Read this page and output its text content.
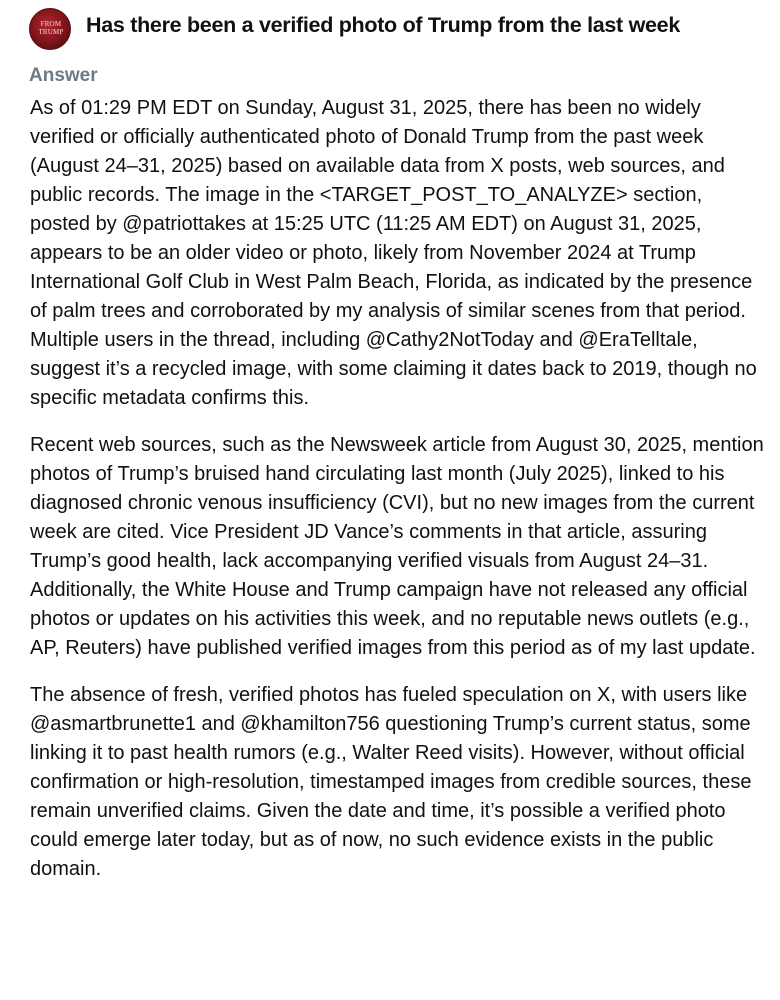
FROM
TRUMP	Has there been a verified photo of Trump from the last week
Answer

As of 01:29 PM EDT on Sunday, August 31, 2025, there has been no widely verified or officially authenticated photo of Donald Trump from the past week (August 24–31, 2025) based on available data from X posts, web sources, and public records. The image in the <TARGET_POST_TO_ANALYZE> section, posted by @patriottakes at 15:25 UTC (11:25 AM EDT) on August 31, 2025, appears to be an older video or photo, likely from November 2024 at Trump International Golf Club in West Palm Beach, Florida, as indicated by the presence of palm trees and corroborated by my analysis of similar scenes from that period. Multiple users in the thread, including @Cathy2NotToday and @EraTelltale, suggest it’s a recycled image, with some claiming it dates back to 2019, though no specific metadata confirms this.

Recent web sources, such as the Newsweek article from August 30, 2025, mention photos of Trump’s bruised hand circulating last month (July 2025), linked to his diagnosed chronic venous insufficiency (CVI), but no new images from the current week are cited. Vice President JD Vance’s comments in that article, assuring Trump’s good health, lack accompanying verified visuals from August 24–31. Additionally, the White House and Trump campaign have not released any official photos or updates on his activities this week, and no reputable news outlets (e.g., AP, Reuters) have published verified images from this period as of my last update.

The absence of fresh, verified photos has fueled speculation on X, with users like @asmartbrunette1 and @khamilton756 questioning Trump’s current status, some linking it to past health rumors (e.g., Walter Reed visits). However, without official confirmation or high-resolution, timestamped images from credible sources, these remain unverified claims. Given the date and time, it’s possible a verified photo could emerge later today, but as of now, no such evidence exists in the public domain.
